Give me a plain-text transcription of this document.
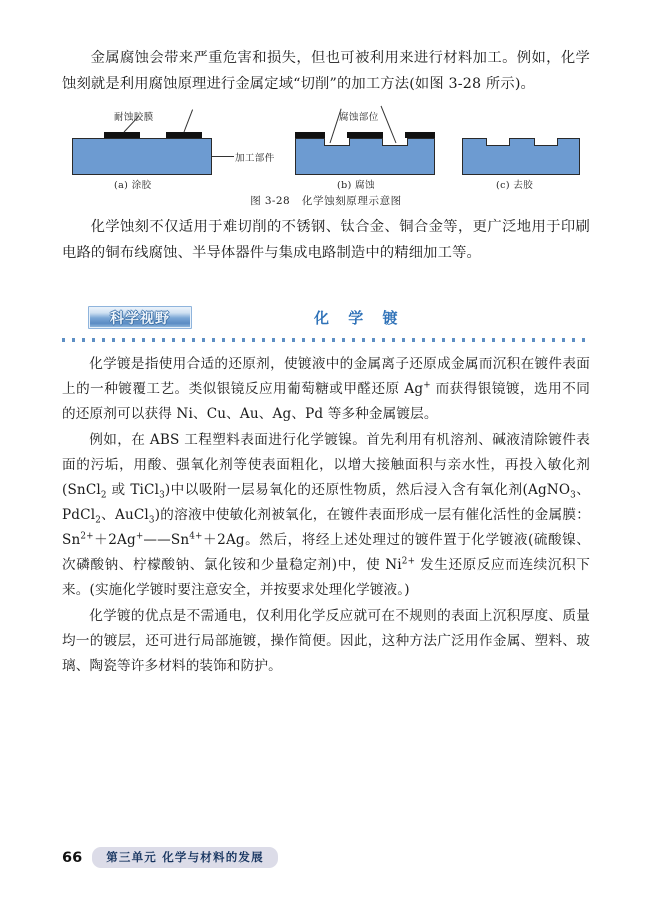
金属腐蚀会带来严重危害和损失，但也可被利用来进行材料加工。例如，化学蚀刻就是利用腐蚀原理进行金属定域“切削”的加工方法(如图 3-28 所示)。

耐蚀胶膜
加工部件
(a) 涂胶
腐蚀部位
(b) 腐蚀	(c) 去胶
图 3-28 化学蚀刻原理示意图

化学蚀刻不仅适用于难切削的不锈钢、钛合金、铜合金等，更广泛地用于印刷电路的铜布线腐蚀、半导体器件与集成电路制造中的精细加工等。

科学视野	化 学 镀

化学镀是指使用合适的还原剂，使镀液中的金属离子还原成金属而沉积在镀件表面上的一种镀覆工艺。类似银镜反应用葡萄糖或甲醛还原 Ag+ 而获得银镜镀，选用不同的还原剂可以获得 Ni、Cu、Au、Ag、Pd 等多种金属镀层。

例如，在 ABS 工程塑料表面进行化学镀镍。首先利用有机溶剂、碱液清除镀件表面的污垢，用酸、强氧化剂等使表面粗化，以增大接触面积与亲水性，再投入敏化剂(SnCl$_2$ 或 TiCl$_3$)中以吸附一层易氧化的还原性物质，然后浸入含有氧化剂(AgNO$_3$、PdCl$_2$、AuCl$_3$)的溶液中使敏化剂被氧化，在镀件表面形成一层有催化活性的金属膜：$Sn^{2+}+2Ag^+——Sn^{4+}+2Ag$。然后，将经上述处理过的镀件置于化学镀液(硫酸镍、次磷酸钠、柠檬酸钠、氯化铵和少量稳定剂)中，使 $Ni^{2+}$ 发生还原反应而连续沉积下来。(实施化学镀时要注意安全，并按要求处理化学镀液。)

化学镀的优点是不需通电，仅利用化学反应就可在不规则的表面上沉积厚度、质量均一的镀层，还可进行局部施镀，操作简便。因此，这种方法广泛用作金属、塑料、玻璃、陶瓷等许多材料的装饰和防护。

66	第三单元 化学与材料的发展
